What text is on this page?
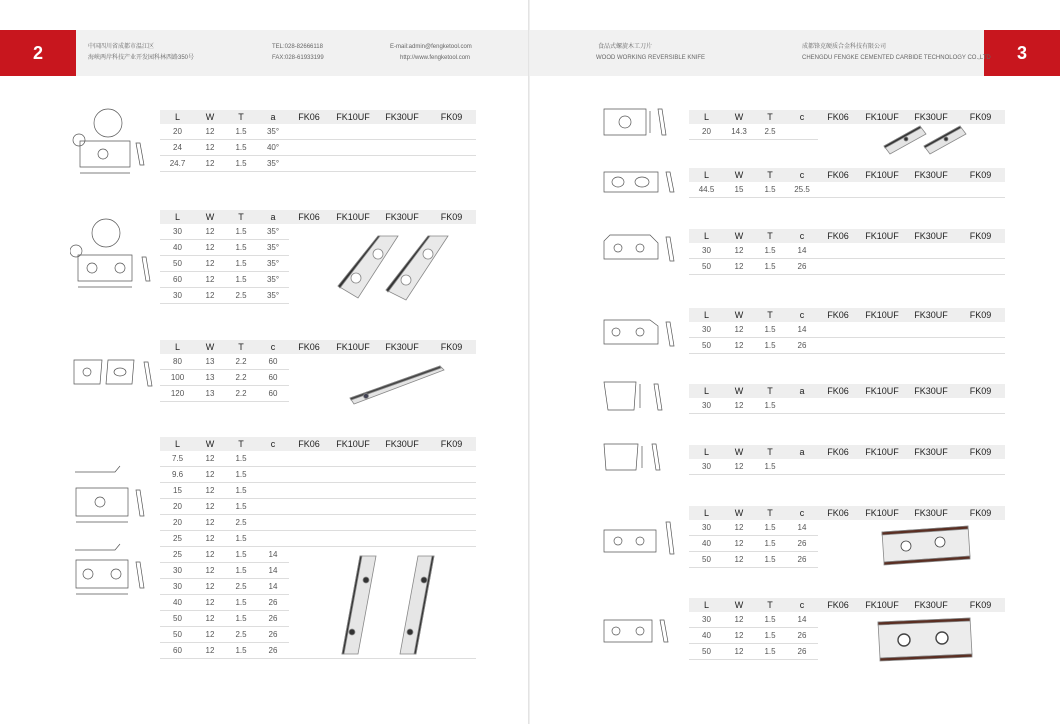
2	中国四川省成都市温江区
海峡两岸科技产业开发园科林西路350号
TEL:028-82666118
FAX:028-61933199
E-mail:admin@fengketool.com
http://www.fengketool.com
L	W	T	a	FK06	FK10UF	FK30UF	FK09
20	12	1.5	35°				
24	12	1.5	40°				
24.7	12	1.5	35°				
L	W	T	a	FK06	FK10UF	FK30UF	FK09
30	12	1.5	35°				
40	12	1.5	35°				
50	12	1.5	35°				
60	12	1.5	35°				
30	12	2.5	35°				
L	W	T	c	FK06	FK10UF	FK30UF	FK09
80	13	2.2	60				
100	13	2.2	60				
120	13	2.2	60				
L	W	T	c	FK06	FK10UF	FK30UF	FK09
7.5	12	1.5					
9.6	12	1.5					
15	12	1.5					
20	12	1.5					
20	12	2.5					
25	12	1.5					
25	12	1.5	14				
30	12	1.5	14				
30	12	2.5	14				
40	12	1.5	26				
50	12	1.5	26				
50	12	2.5	26				
60	12	1.5	26				
3
食品式螺旋木工刀片
WOOD WORKING REVERSIBLE KNIFE
成都锋克硬质合金科技有限公司
CHENGDU FENGKE CEMENTED CARBIDE TECHNOLOGY CO.,LTD
L	W	T	c	FK06	FK10UF	FK30UF	FK09
20	14.3	2.5					
L	W	T	c	FK06	FK10UF	FK30UF	FK09
44.5	15	1.5	25.5				
L	W	T	c	FK06	FK10UF	FK30UF	FK09
30	12	1.5	14				
50	12	1.5	26				
L	W	T	c	FK06	FK10UF	FK30UF	FK09
30	12	1.5	14				
50	12	1.5	26				
L	W	T	a	FK06	FK10UF	FK30UF	FK09
30	12	1.5					
L	W	T	a	FK06	FK10UF	FK30UF	FK09
30	12	1.5					
L	W	T	c	FK06	FK10UF	FK30UF	FK09
30	12	1.5	14				
40	12	1.5	26				
50	12	1.5	26				
L	W	T	c	FK06	FK10UF	FK30UF	FK09
30	12	1.5	14				
40	12	1.5	26				
50	12	1.5	26				
